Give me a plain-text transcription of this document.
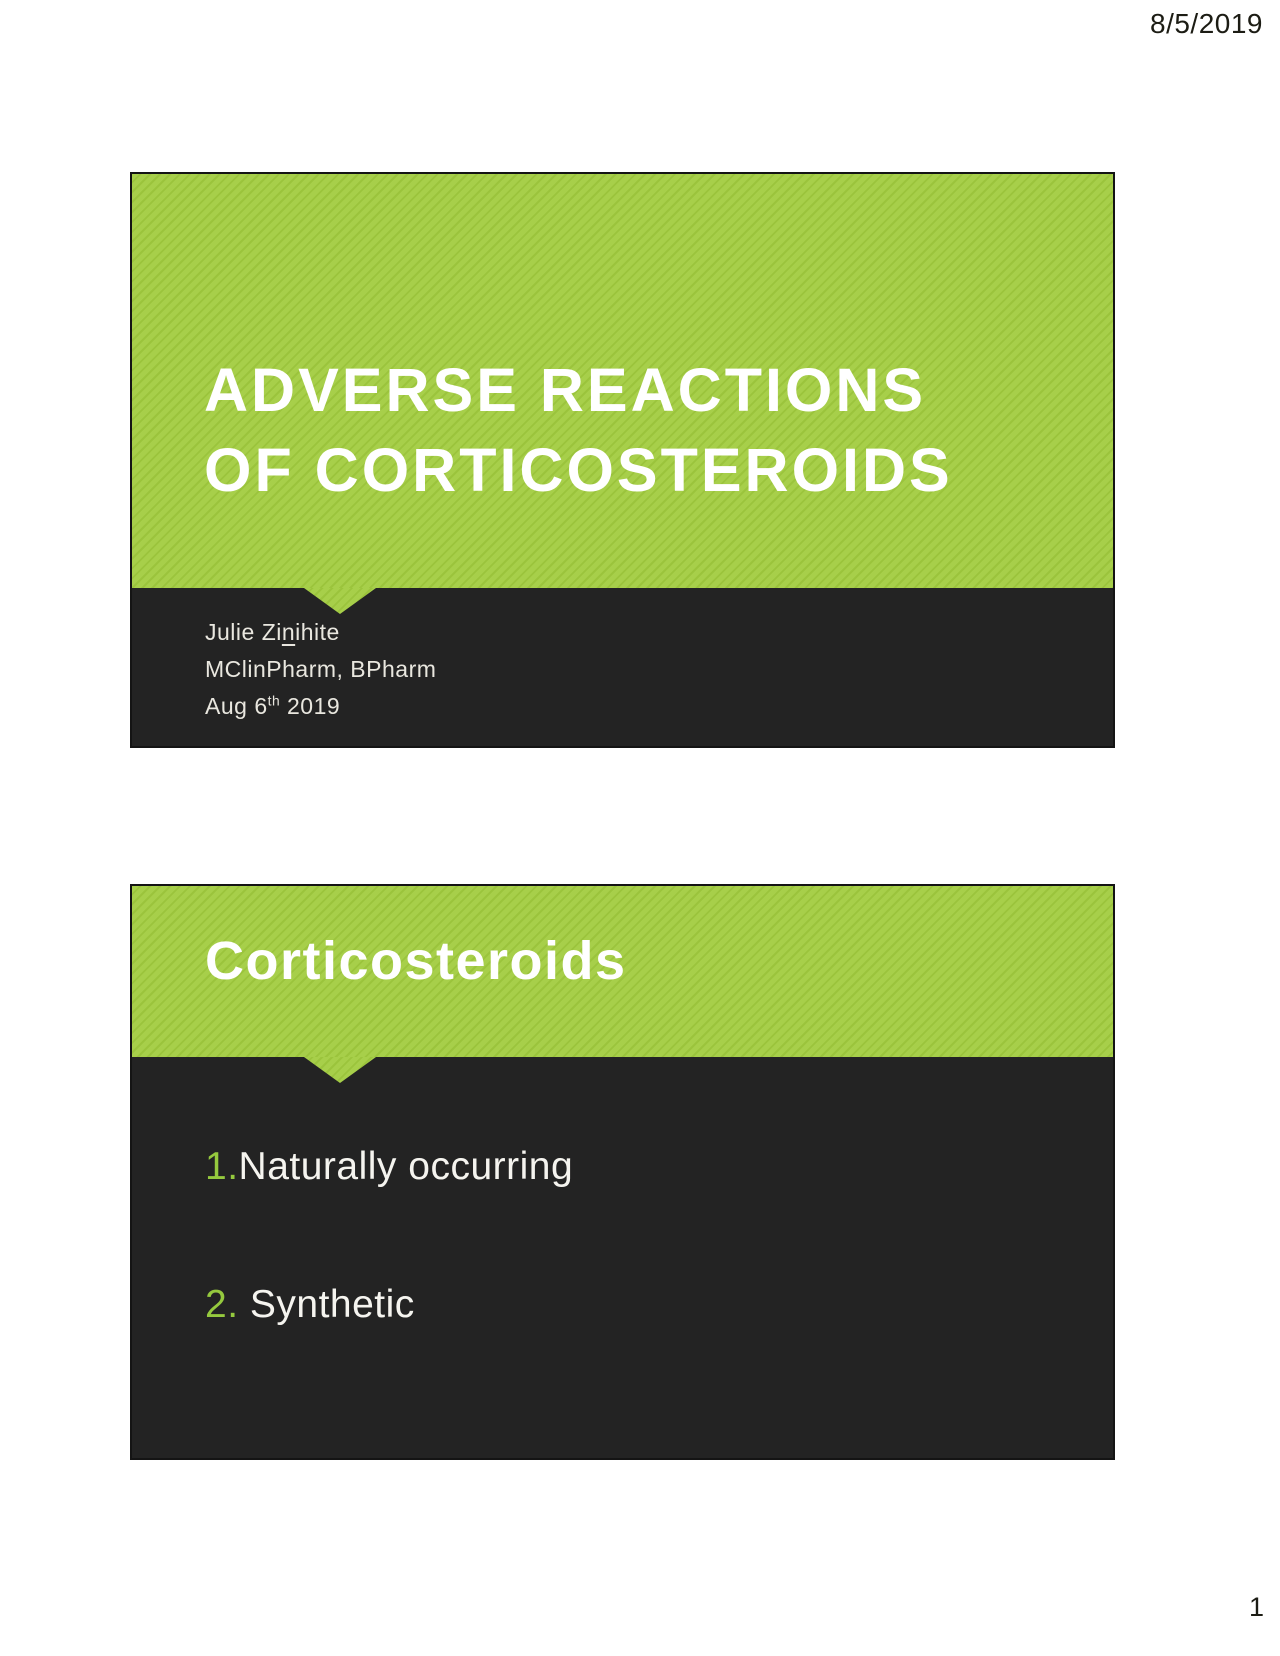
8/5/2019
ADVERSE REACTIONS
OF CORTICOSTEROIDS
Julie Zinihite
MClinPharm, BPharm
Aug 6th 2019
Corticosteroids
1.Naturally occurring
2. Synthetic
1
